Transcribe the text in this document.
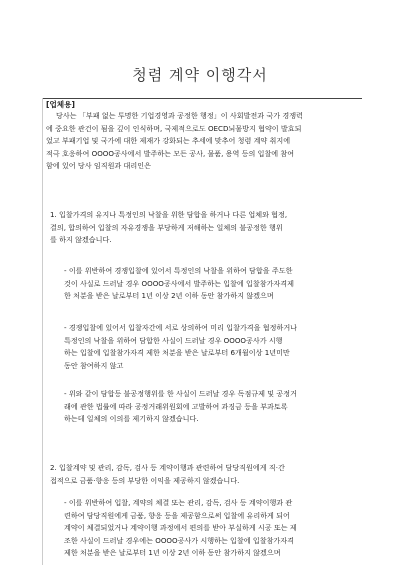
청렴 계약 이행각서
[업체용]

당사는 「부패 없는 투명한 기업경영과 공정한 행정」이 사회발전과 국가 경쟁력
에 중요한 관건이 됨을 깊이 인식하며, 국제적으로도 OECD뇌물방지 협약이 발효되
었고 부패기업 및 국가에 대한 제재가 강화되는 추세에 맞추어 청렴 계약 취지에
적극 호응하여 OOOO공사에서 발주하는 모든 공사, 물품, 용역 등의 입찰에 참여
함에 있어 당사 임직원과 대리인은

1. 입찰가격의 유지나 특정인의 낙찰을 위한 담합을 하거나 다른 업체와 협정,
결의, 합의하여 입찰의 자유경쟁을 부당하게 저해하는 일체의 불공정한 행위
를 하지 않겠습니다.

- 이를 위반하여 경쟁입찰에 있어서 특정인의 낙찰을 위하여 담합을 주도한
것이 사실로 드러날 경우 OOOO공사에서 발주하는 입찰에 입찰참가자격제
한 처분을 받은 날로부터 1년 이상 2년 이하 동안 참가하지 않겠으며
- 경쟁입찰에 있어서 입찰자간에 서로 상의하여 미리 입찰가격을 협정하거나
특정인의 낙찰을 위하여 담합한 사실이 드러날 경우 OOOO공사가 시행
하는 입찰에 입찰참가자격 제한 처분을 받은 날로부터 6개월이상 1년미만
동안 참여하지 않고
- 위와 같이 담합등 불공정행위를 한 사실이 드러날 경우 독점규제 및 공정거
래에 관한 법률에 따라 공정거래위원회에 고발하여 과징금 등을 부과토록
하는데 일체의 이의를 제기하지 않겠습니다.
2. 입찰계약 및 관리, 감독, 검사 등 계약이행과 관련하여 담당직원에게 직·간
접적으로 금품·향응 등의 부당한 이익을 제공하지 않겠습니다.
- 이를 위반하여 입찰, 계약의 체결 또는 관리, 감독, 검사 등 계약이행과 관
련하여 담당직원에게 금품, 향응 등을 제공함으로써 입찰에 유리하게 되어
계약이 체결되었거나 계약이행 과정에서 편의를 받아 부실하게 시공 또는 제
조한 사실이 드러날 경우에는 OOOO공사가 시행하는 입찰에 입찰참가자격
제한 처분을 받은 날로부터 1년 이상 2년 이하 동안 참가하지 않겠으며
